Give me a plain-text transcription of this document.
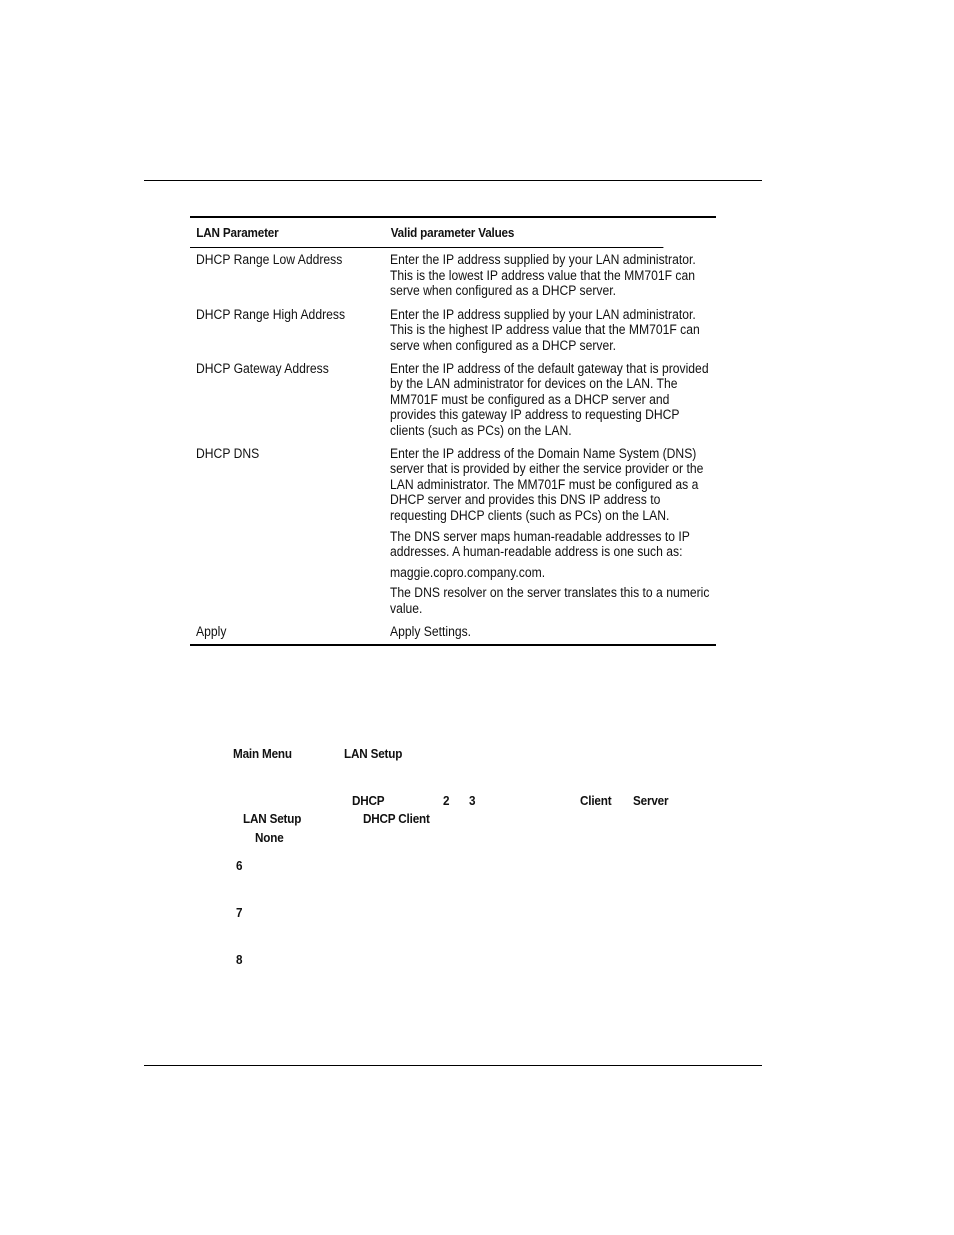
LAN Parameter	Valid parameter Values
DHCP Range Low Address	Enter the IP address supplied by your LAN administrator.
This is the lowest IP address value that the MM701F can
serve when configured as a DHCP server.
DHCP Range High Address	Enter the IP address supplied by your LAN administrator.
This is the highest IP address value that the MM701F can
serve when configured as a DHCP server.
DHCP Gateway Address	Enter the IP address of the default gateway that is provided
by the LAN administrator for devices on the LAN. The
MM701F must be configured as a DHCP server and
provides this gateway IP address to requesting DHCP
clients (such as PCs) on the LAN.
DHCP DNS	Enter the IP address of the Domain Name System (DNS)
server that is provided by either the service provider or the
LAN administrator. The MM701F must be configured as a
DHCP server and provides this DNS IP address to
requesting DHCP clients (such as PCs) on the LAN.
The DNS server maps human-readable addresses to IP
addresses. A human-readable address is one such as:
maggie.copro.company.com.
The DNS resolver on the server translates this to a numeric
value.
Apply	Apply Settings.
Main Menu	LAN Setup
DHCP	2 3	Client Server
LAN Setup	DHCP Client
None
6
7
8
